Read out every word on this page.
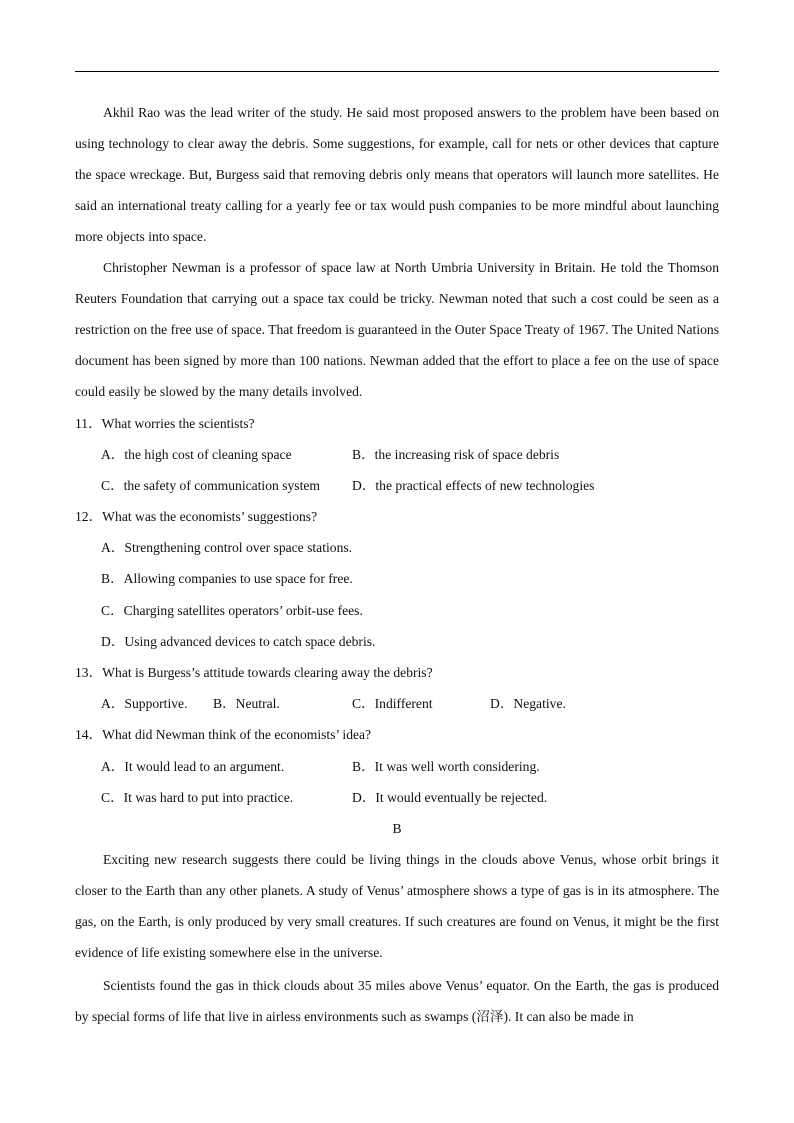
Akhil Rao was the lead writer of the study. He said most proposed answers to the problem have been based on using technology to clear away the debris. Some suggestions, for example, call for nets or other devices that capture the space wreckage. But, Burgess said that removing debris only means that operators will launch more satellites. He said an international treaty calling for a yearly fee or tax would push companies to be more mindful about launching more objects into space.

Christopher Newman is a professor of space law at North Umbria University in Britain. He told the Thomson Reuters Foundation that carrying out a space tax could be tricky. Newman noted that such a cost could be seen as a restriction on the free use of space. That freedom is guaranteed in the Outer Space Treaty of 1967. The United Nations document has been signed by more than 100 nations. Newman added that the effort to place a fee on the use of space could easily be slowed by the many details involved.

11．What worries the scientists?

A．the high cost of cleaning space	B．the increasing risk of space debris

C．the safety of communication system D．the practical effects of new technologies

12．What was the economists’ suggestions?

A．Strengthening control over space stations.

B．Allowing companies to use space for free.

C．Charging satellites operators’ orbit-use fees.

D．Using advanced devices to catch space debris.

13．What is Burgess’s attitude towards clearing away the debris?

A．Supportive. B．Neutral.	C．Indifferent	D．Negative.

14．What did Newman think of the economists’ idea?

A．It would lead to an argument.	B．It was well worth considering.

C．It was hard to put into practice.	D．It would eventually be rejected.

B

Exciting new research suggests there could be living things in the clouds above Venus, whose orbit brings it closer to the Earth than any other planets. A study of Venus’ atmosphere shows a type of gas is in its atmosphere. The gas, on the Earth, is only produced by very small creatures. If such creatures are found on Venus, it might be the first evidence of life existing somewhere else in the universe.

Scientists found the gas in thick clouds about 35 miles above Venus’ equator. On the Earth, the gas is produced by special forms of life that live in airless environments such as swamps (沼泽). It can also be made in
